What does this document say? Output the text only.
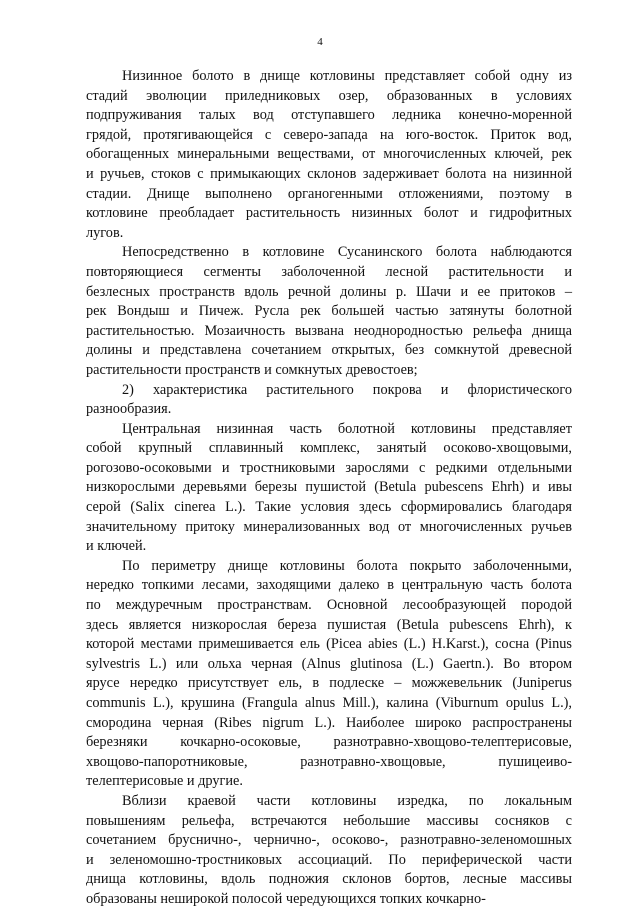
4
Низинное болото в днище котловины представляет собой одну из
стадий эволюции приледниковых озер, образованных в условиях
подпруживания талых вод отступавшего ледника конечно-моренной
грядой, протягивающейся с северо-запада на юго-восток. Приток вод,
обогащенных минеральными веществами, от многочисленных ключей, рек
и ручьев, стоков с примыкающих склонов задерживает болота на низинной
стадии. Днище выполнено органогенными отложениями, поэтому в
котловине преобладает растительность низинных болот и гидрофитных
лугов.
Непосредственно в котловине Сусанинского болота наблюдаются
повторяющиеся сегменты заболоченной лесной растительности и
безлесных пространств вдоль речной долины р. Шачи и ее притоков –
рек Вондыш и Пичеж. Русла рек большей частью затянуты болотной
растительностью. Мозаичность вызвана неоднородностью рельефа днища
долины и представлена сочетанием открытых, без сомкнутой древесной
растительности пространств и сомкнутых древостоев;
2) характеристика растительного покрова и флористического
разнообразия.
Центральная низинная часть болотной котловины представляет
собой крупный сплавинный комплекс, занятый осоково-хвощовыми,
рогозово-осоковыми и тростниковыми зарослями с редкими отдельными
низкорослыми деревьями березы пушистой (Betula pubescens Ehrh) и ивы
серой (Salix cinerea L.). Такие условия здесь сформировались благодаря
значительному притоку минерализованных вод от многочисленных ручьев
и ключей.
По периметру днище котловины болота покрыто заболоченными,
нередко топкими лесами, заходящими далеко в центральную часть болота
по междуречным пространствам. Основной лесообразующей породой
здесь является низкорослая береза пушистая (Betula pubescens Ehrh), к
которой местами примешивается ель (Picea abies (L.) H.Karst.), сосна (Pinus
sylvestris L.) или ольха черная (Alnus glutinosa (L.) Gaertn.). Во втором
ярусе нередко присутствует ель, в подлеске – можжевельник (Juniperus
communis L.), крушина (Frangula alnus Mill.), калина (Viburnum opulus L.),
смородина черная (Ribes nigrum L.). Наиболее широко распространены
березняки кочкарно-осоковые, разнотравно-хвощово-телептерисовые,
хвощово-папоротниковые, разнотравно-хвощовые, пушицеиво-
телептерисовые и другие.
Вблизи краевой части котловины изредка, по локальным
повышениям рельефа, встречаются небольшие массивы сосняков с
сочетанием бруснично-, чернично-, осоково-, разнотравно-зеленомошных
и зеленомошно-тростниковых ассоциаций. По периферической части
днища котловины, вдоль подножия склонов бортов, лесные массивы
образованы неширокой полосой чередующихся топких кочкарно-
